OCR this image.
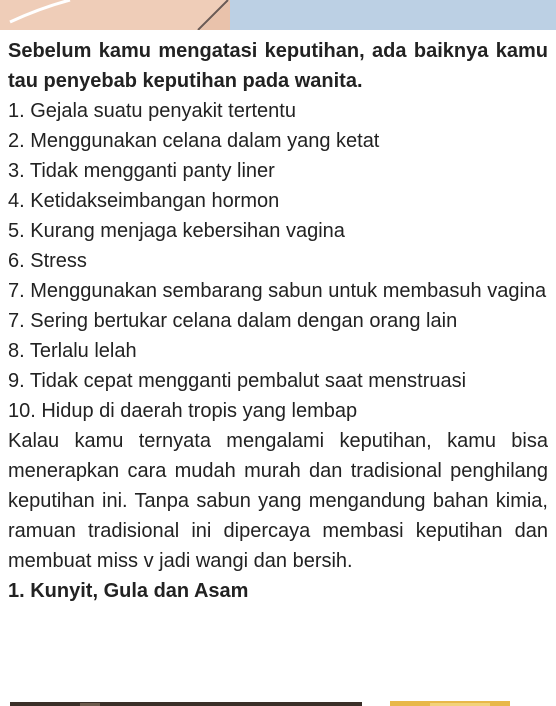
Sebelum kamu mengatasi keputihan, ada baiknya kamu tau penyebab keputihan pada wanita.

1. Gejala suatu penyakit tertentu
2. Menggunakan celana dalam yang ketat
3. Tidak mengganti panty liner
4. Ketidakseimbangan hormon
5. Kurang menjaga kebersihan vagina
6. Stress
7. Menggunakan sembarang sabun untuk membasuh vagina
7. Sering bertukar celana dalam dengan orang lain
8. Terlalu lelah
9. Tidak cepat mengganti pembalut saat menstruasi
10. Hidup di daerah tropis yang lembap

Kalau kamu ternyata mengalami keputihan, kamu bisa menerapkan cara mudah murah dan tradisional penghilang keputihan ini. Tanpa sabun yang mengandung bahan kimia, ramuan tradisional ini dipercaya membasi keputihan dan membuat miss v jadi wangi dan bersih.

1. Kunyit, Gula dan Asam
